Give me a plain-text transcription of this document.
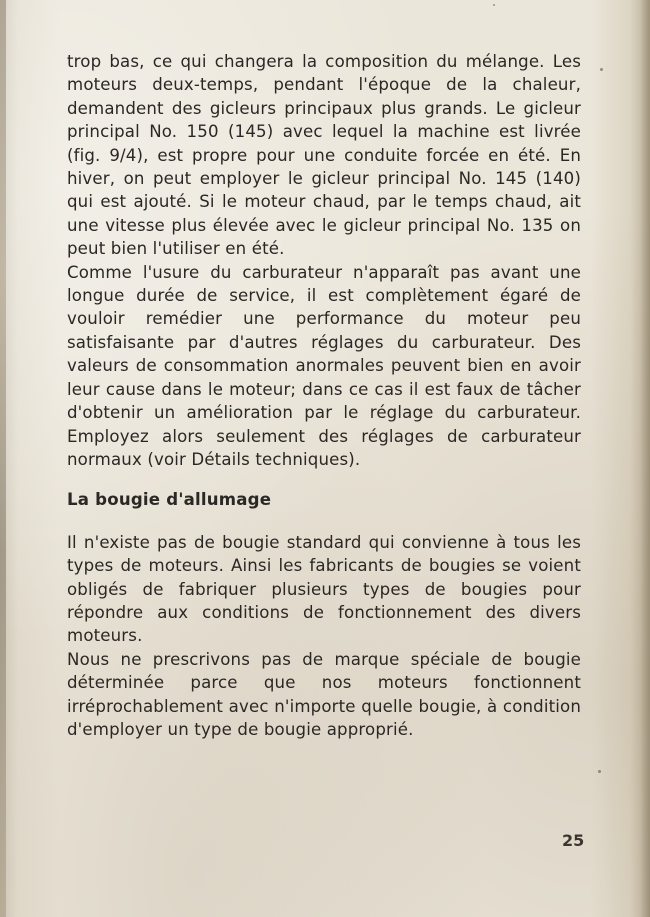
trop bas, ce qui changera la composition du mélange. Les moteurs deux-temps, pendant l'époque de la chaleur, demandent des gicleurs principaux plus grands. Le gicleur principal No. 150 (145) avec lequel la machine est livrée (fig. 9/4), est propre pour une conduite forcée en été. En hiver, on peut employer le gicleur principal No. 145 (140) qui est ajouté. Si le moteur chaud, par le temps chaud, ait une vitesse plus élevée avec le gicleur principal No. 135 on peut bien l'utiliser en été.

Comme l'usure du carburateur n'apparaît pas avant une longue durée de service, il est complètement égaré de vouloir remédier une performance du moteur peu satisfaisante par d'autres réglages du carburateur. Des valeurs de consommation anormales peuvent bien en avoir leur cause dans le moteur; dans ce cas il est faux de tâcher d'obtenir un amélioration par le réglage du carburateur. Employez alors seulement des réglages de carburateur normaux (voir Détails techniques).

La bougie d'allumage

Il n'existe pas de bougie standard qui convienne à tous les types de moteurs. Ainsi les fabricants de bougies se voient obligés de fabriquer plusieurs types de bougies pour répondre aux conditions de fonctionnement des divers moteurs.

Nous ne prescrivons pas de marque spéciale de bougie déterminée parce que nos moteurs fonctionnent irréprochablement avec n'importe quelle bougie, à condition d'employer un type de bougie approprié.

25
